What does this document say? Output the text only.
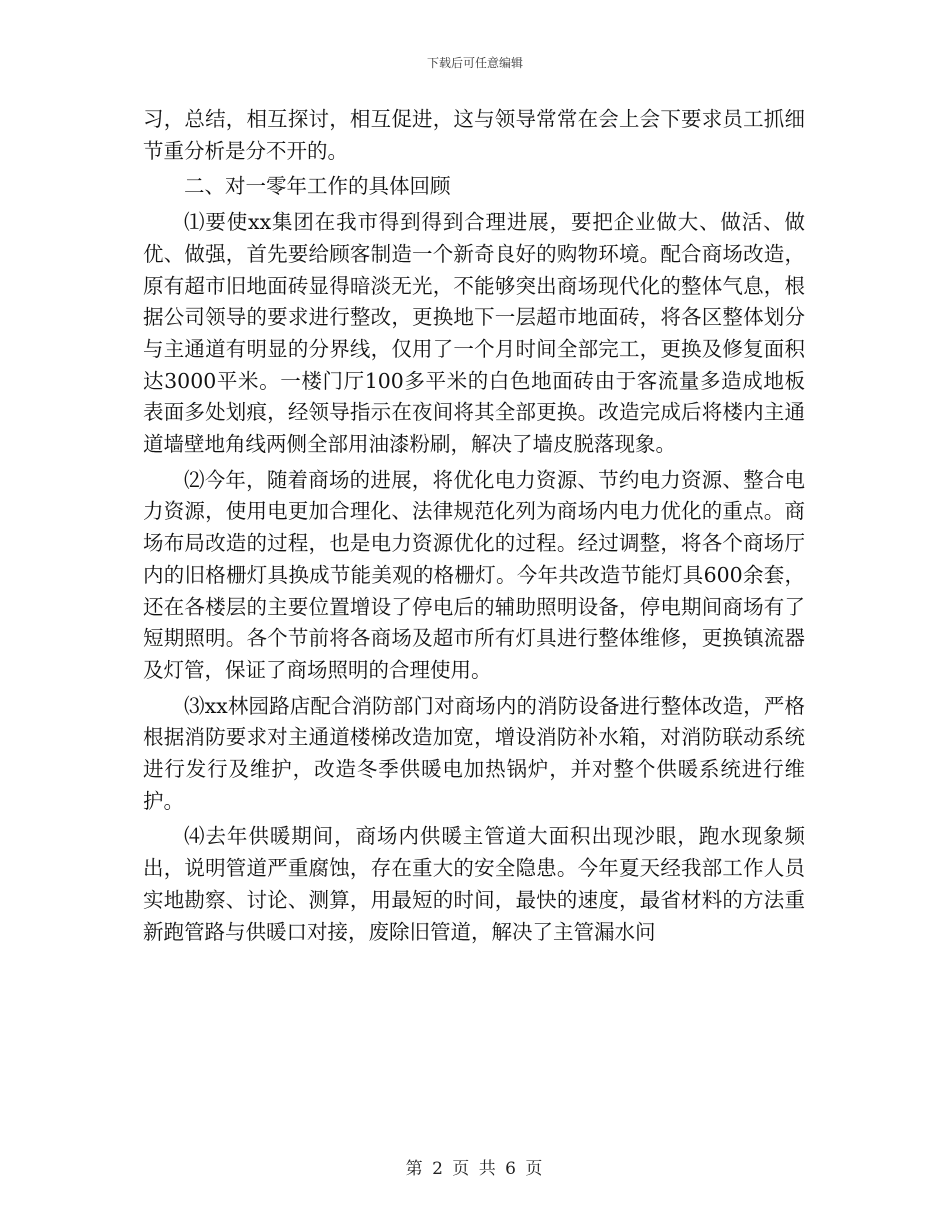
下载后可任意编辑

习，总结，相互探讨，相互促进，这与领导常常在会上会下要求员工抓细节重分析是分不开的。

二、对一零年工作的具体回顾

⑴要使xx集团在我市得到得到合理进展，要把企业做大、做活、做优、做强，首先要给顾客制造一个新奇良好的购物环境。配合商场改造，原有超市旧地面砖显得暗淡无光，不能够突出商场现代化的整体气息，根据公司领导的要求进行整改，更换地下一层超市地面砖，将各区整体划分与主通道有明显的分界线，仅用了一个月时间全部完工，更换及修复面积达3000平米。一楼门厅100多平米的白色地面砖由于客流量多造成地板表面多处划痕，经领导指示在夜间将其全部更换。改造完成后将楼内主通道墙壁地角线两侧全部用油漆粉刷，解决了墙皮脱落现象。

⑵今年，随着商场的进展，将优化电力资源、节约电力资源、整合电力资源，使用电更加合理化、法律规范化列为商场内电力优化的重点。商场布局改造的过程，也是电力资源优化的过程。经过调整，将各个商场厅内的旧格栅灯具换成节能美观的格栅灯。今年共改造节能灯具600余套，还在各楼层的主要位置增设了停电后的辅助照明设备，停电期间商场有了短期照明。各个节前将各商场及超市所有灯具进行整体维修，更换镇流器及灯管，保证了商场照明的合理使用。

⑶xx林园路店配合消防部门对商场内的消防设备进行整体改造，严格根据消防要求对主通道楼梯改造加宽，增设消防补水箱，对消防联动系统进行发行及维护，改造冬季供暖电加热锅炉，并对整个供暖系统进行维护。

⑷去年供暖期间，商场内供暖主管道大面积出现沙眼，跑水现象频出，说明管道严重腐蚀，存在重大的安全隐患。今年夏天经我部工作人员实地勘察、讨论、测算，用最短的时间，最快的速度，最省材料的方法重新跑管路与供暖口对接，废除旧管道，解决了主管漏水问

第 2 页 共 6 页
